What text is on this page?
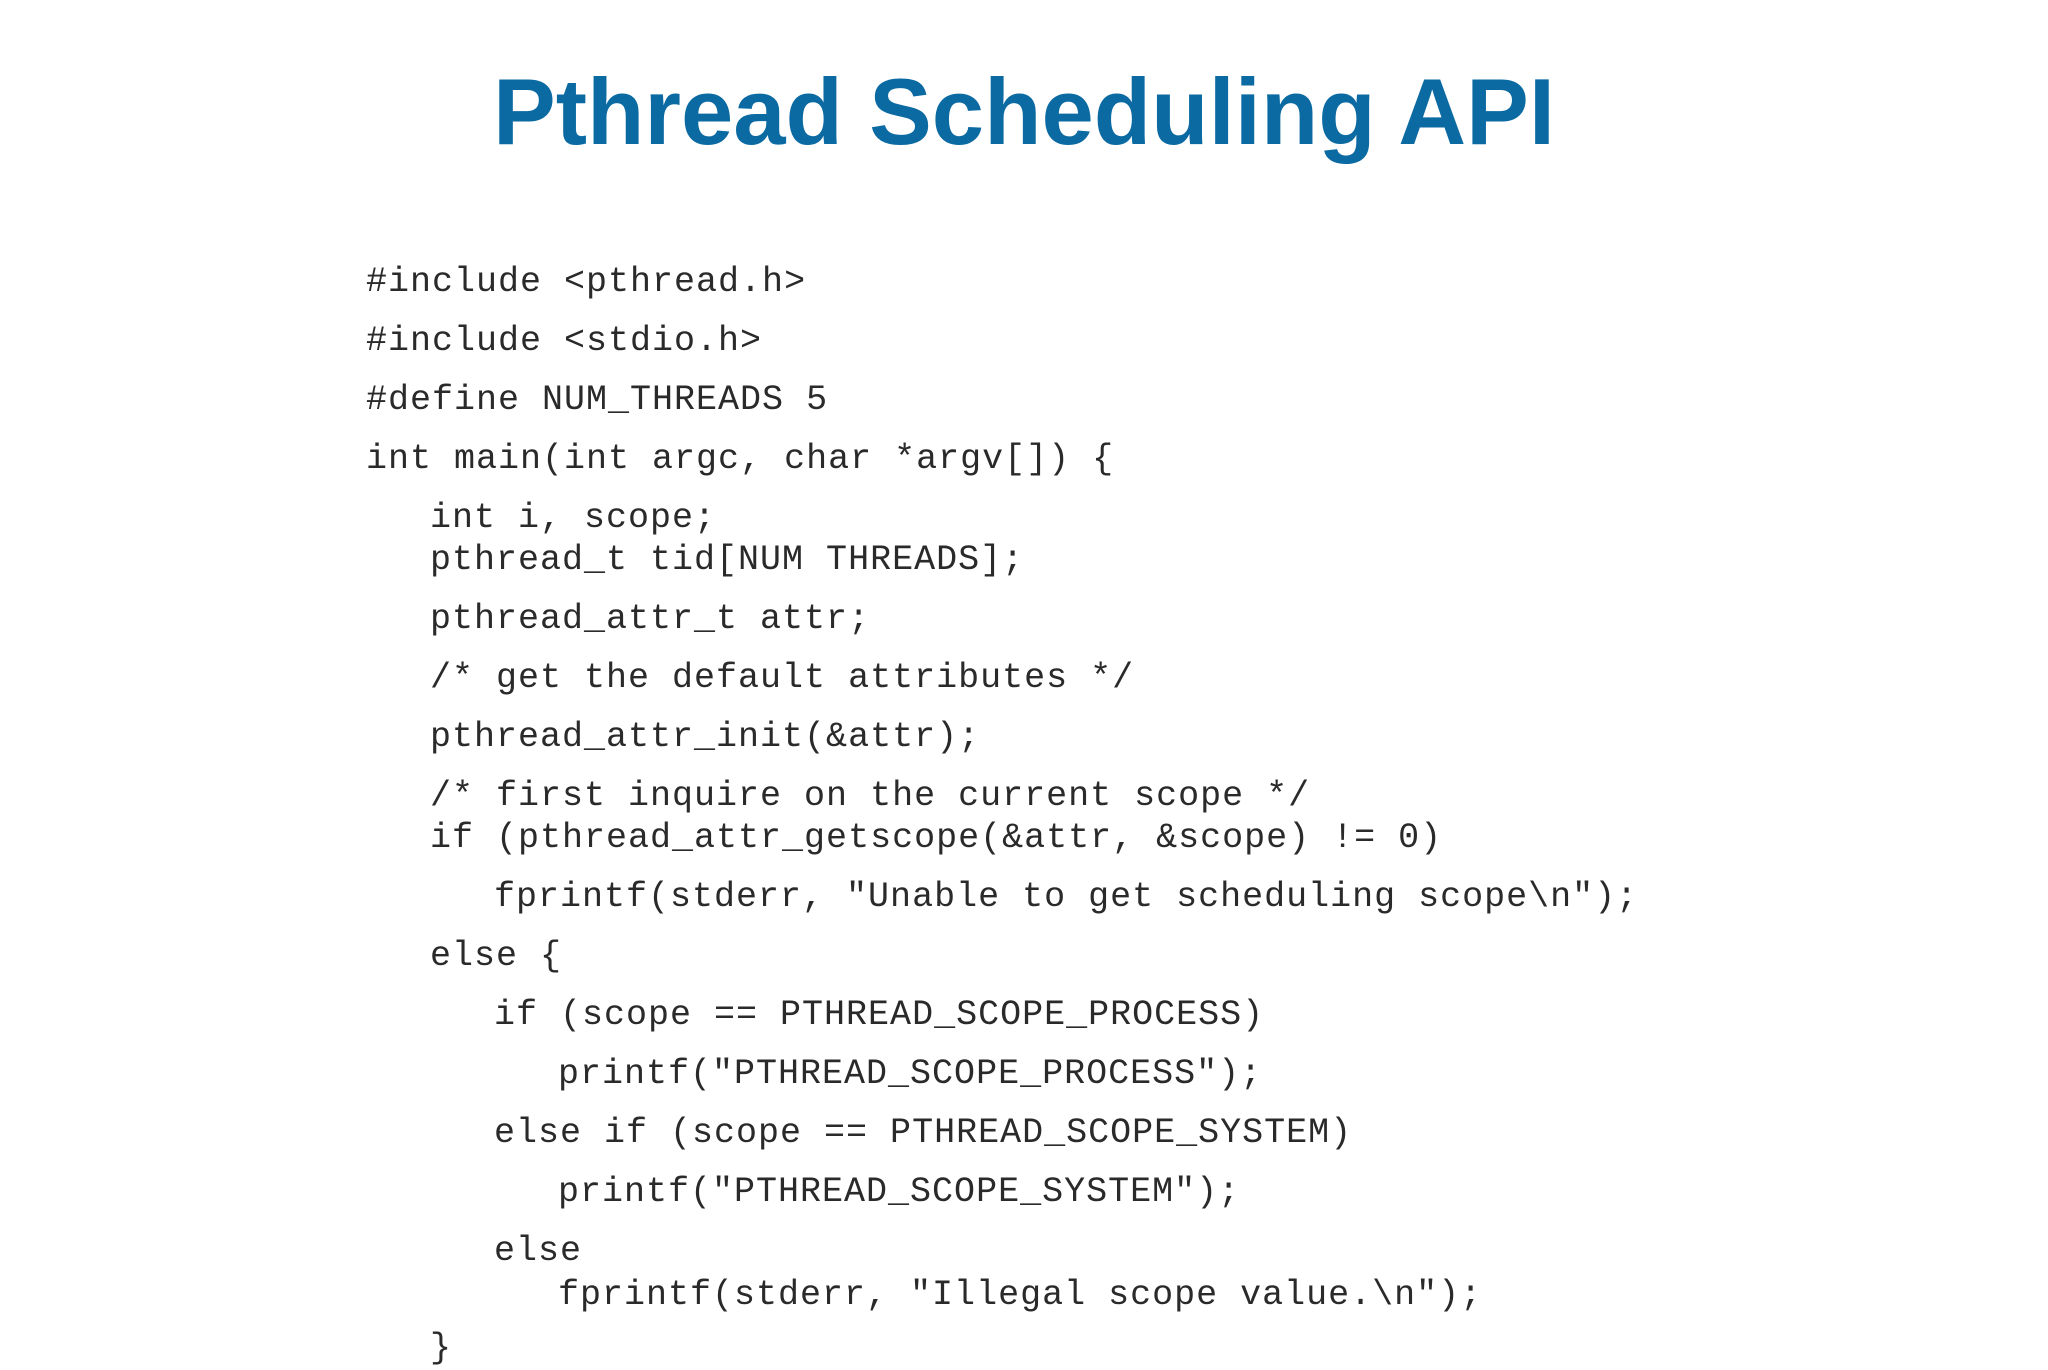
Pthread Scheduling API
#include <pthread.h>
#include <stdio.h>
#define NUM_THREADS 5
int main(int argc, char *argv[]) {
int i, scope;
pthread_t tid[NUM THREADS];
pthread_attr_t attr;
/* get the default attributes */
pthread_attr_init(&attr);
/* first inquire on the current scope */
if (pthread_attr_getscope(&attr, &scope) != 0)
fprintf(stderr, "Unable to get scheduling scope\n");
else {
if (scope == PTHREAD_SCOPE_PROCESS)
printf("PTHREAD_SCOPE_PROCESS");
else if (scope == PTHREAD_SCOPE_SYSTEM)
printf("PTHREAD_SCOPE_SYSTEM");
else
fprintf(stderr, "Illegal scope value.\n");
}
